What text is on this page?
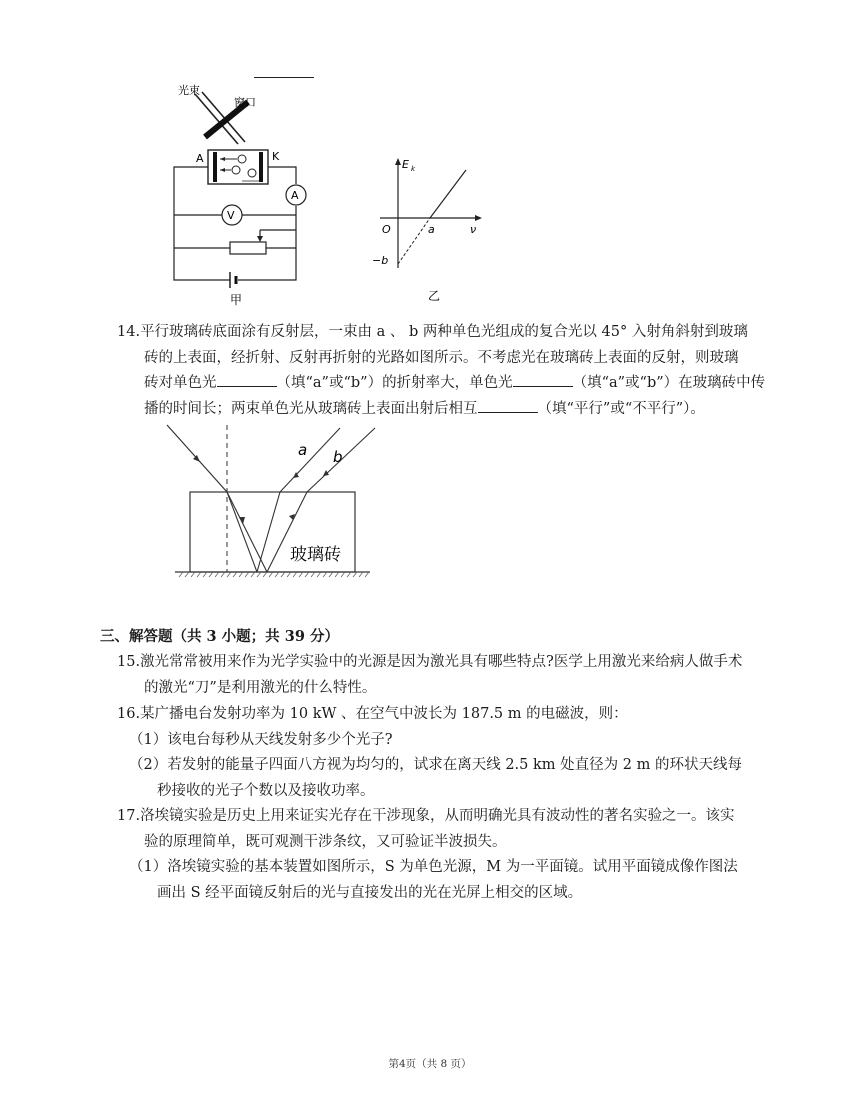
光束
窗口
A	K
A
V
甲
E k
O	a	ν
−b
乙
14.平行玻璃砖底面涂有反射层，一束由 a 、 b 两种单色光组成的复合光以 45° 入射角斜射到玻璃
砖的上表面，经折射、反射再折射的光路如图所示。不考虑光在玻璃砖上表面的反射，则玻璃
砖对单色光	（填“a”或“b”）的折射率大，单色光	（填“a”或“b”）在玻璃砖中传
播的时间长；两束单色光从玻璃砖上表面出射后相互	（填“平行”或“不平行”）。
a b
玻璃砖
三、解答题（共 3 小题；共 39 分）
15.激光常常被用来作为光学实验中的光源是因为激光具有哪些特点?医学上用激光来给病人做手术
的激光“刀”是利用激光的什么特性。
16.某广播电台发射功率为 10 kW 、在空气中波长为 187.5 m 的电磁波，则：
（1）该电台每秒从天线发射多少个光子?
（2）若发射的能量子四面八方视为均匀的，试求在离天线 2.5 km 处直径为 2 m 的环状天线每
秒接收的光子个数以及接收功率。
17.洛埃镜实验是历史上用来证实光存在干涉现象，从而明确光具有波动性的著名实验之一。该实
验的原理简单，既可观测干涉条纹，又可验证半波损失。
（1）洛埃镜实验的基本装置如图所示，S 为单色光源，M 为一平面镜。试用平面镜成像作图法
画出 S 经平面镜反射后的光与直接发出的光在光屏上相交的区域。
第4页（共 8 页）
